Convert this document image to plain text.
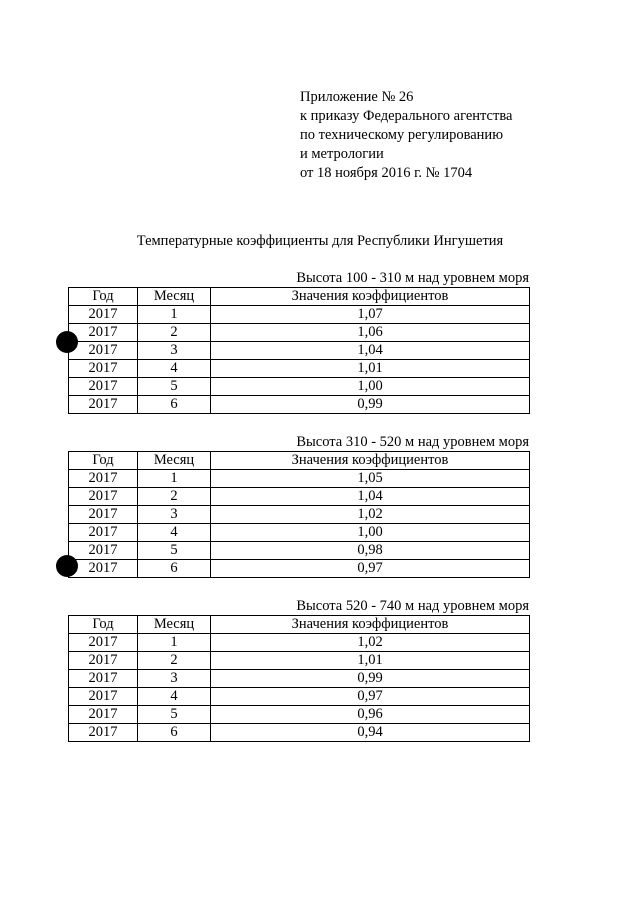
Приложение № 26
к приказу Федерального агентства
по техническому регулированию
и метрологии
от 18 ноября 2016 г. № 1704
Температурные коэффициенты для Республики Ингушетия
Высота 100 - 310 м над уровнем моря
Год	Месяц	Значения коэффициентов
2017	1	1,07
2017	2	1,06
2017	3	1,04
2017	4	1,01
2017	5	1,00
2017	6	0,99
Высота 310 - 520 м над уровнем моря
Год	Месяц	Значения коэффициентов
2017	1	1,05
2017	2	1,04
2017	3	1,02
2017	4	1,00
2017	5	0,98
2017	6	0,97
Высота 520 - 740 м над уровнем моря
Год	Месяц	Значения коэффициентов
2017	1	1,02
2017	2	1,01
2017	3	0,99
2017	4	0,97
2017	5	0,96
2017	6	0,94
